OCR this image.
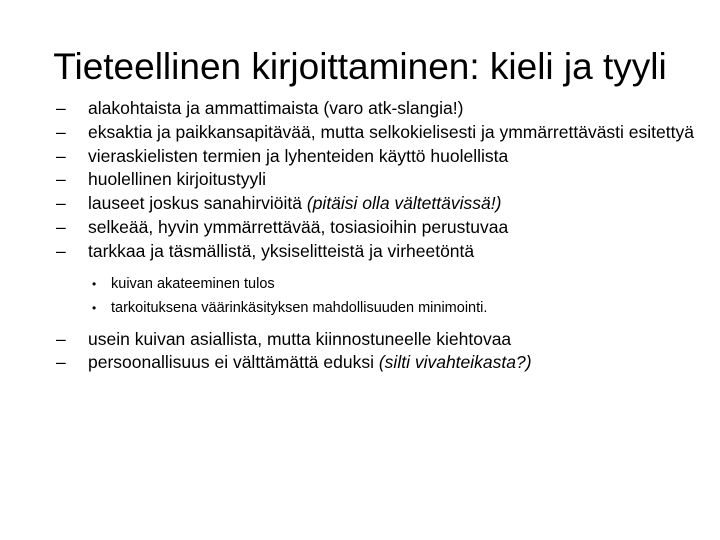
Tieteellinen kirjoittaminen: kieli ja tyyli
– alakohtaista ja ammattimaista (varo atk-slangia!)
– eksaktia ja paikkansapitävää, mutta selkokielisesti ja ymmärrettävästi esitettyä
– vieraskielisten termien ja lyhenteiden käyttö huolellista
– huolellinen kirjoitustyyli
– lauseet joskus sanahirviöitä (pitäisi olla vältettävissä!)
– selkeää, hyvin ymmärrettävää, tosiasioihin perustuvaa
– tarkkaa ja täsmällistä, yksiselitteistä ja virheetöntä
• kuivan akateeminen tulos
• tarkoituksena väärinkäsityksen mahdollisuuden minimointi.
– usein kuivan asiallista, mutta kiinnostuneelle kiehtovaa
– persoonallisuus ei välttämättä eduksi (silti vivahteikasta?)
